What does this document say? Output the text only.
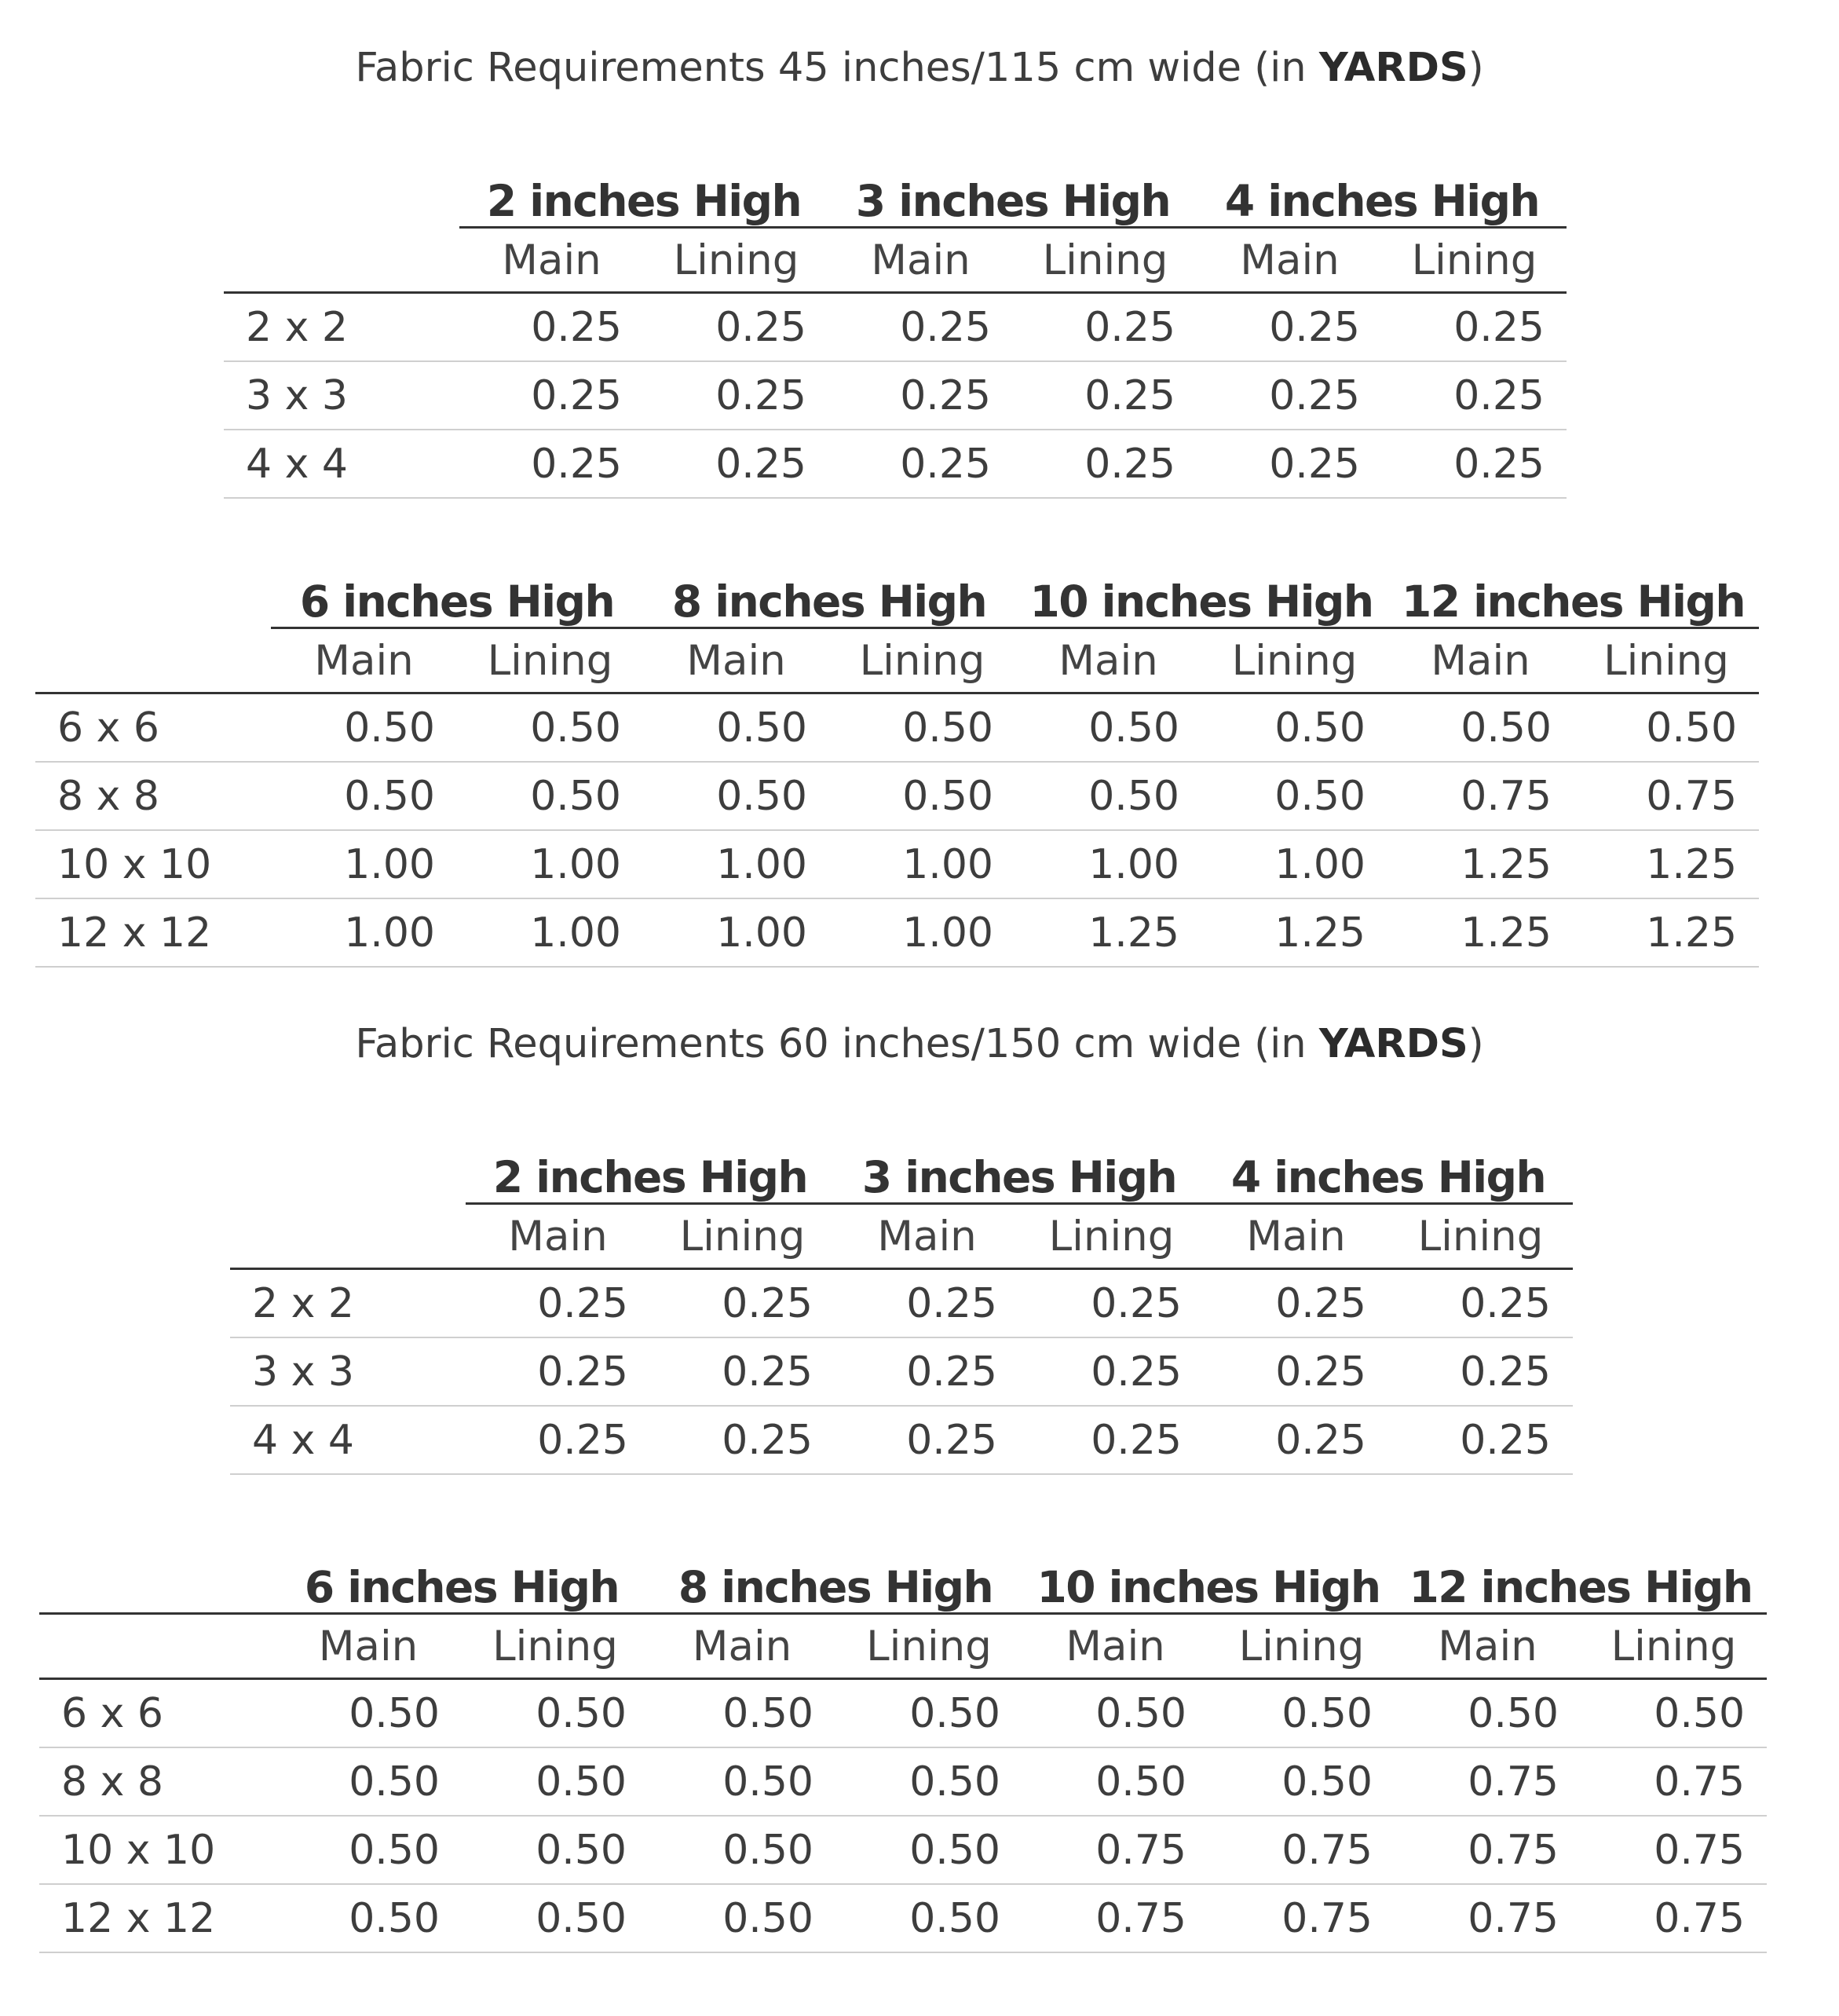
Fabric Requirements 45 inches/115 cm wide (in YARDS)
	2 inches High		3 inches High		4 inches High	
	Main	Lining	Main	Lining	Main	Lining
2 x 2	0.25	0.25	0.25	0.25	0.25	0.25
3 x 3	0.25	0.25	0.25	0.25	0.25	0.25
4 x 4	0.25	0.25	0.25	0.25	0.25	0.25
	6 inches High		8 inches High		10 inches High		12 inches High	
	Main	Lining	Main	Lining	Main	Lining	Main	Lining
6 x 6	0.50	0.50	0.50	0.50	0.50	0.50	0.50	0.50
8 x 8	0.50	0.50	0.50	0.50	0.50	0.50	0.75	0.75
10 x 10	1.00	1.00	1.00	1.00	1.00	1.00	1.25	1.25
12 x 12	1.00	1.00	1.00	1.00	1.25	1.25	1.25	1.25
Fabric Requirements 60 inches/150 cm wide (in YARDS)
	2 inches High		3 inches High		4 inches High	
	Main	Lining	Main	Lining	Main	Lining
2 x 2	0.25	0.25	0.25	0.25	0.25	0.25
3 x 3	0.25	0.25	0.25	0.25	0.25	0.25
4 x 4	0.25	0.25	0.25	0.25	0.25	0.25
	6 inches High		8 inches High		10 inches High		12 inches High	
	Main	Lining	Main	Lining	Main	Lining	Main	Lining
6 x 6	0.50	0.50	0.50	0.50	0.50	0.50	0.50	0.50
8 x 8	0.50	0.50	0.50	0.50	0.50	0.50	0.75	0.75
10 x 10	0.50	0.50	0.50	0.50	0.75	0.75	0.75	0.75
12 x 12	0.50	0.50	0.50	0.50	0.75	0.75	0.75	0.75
